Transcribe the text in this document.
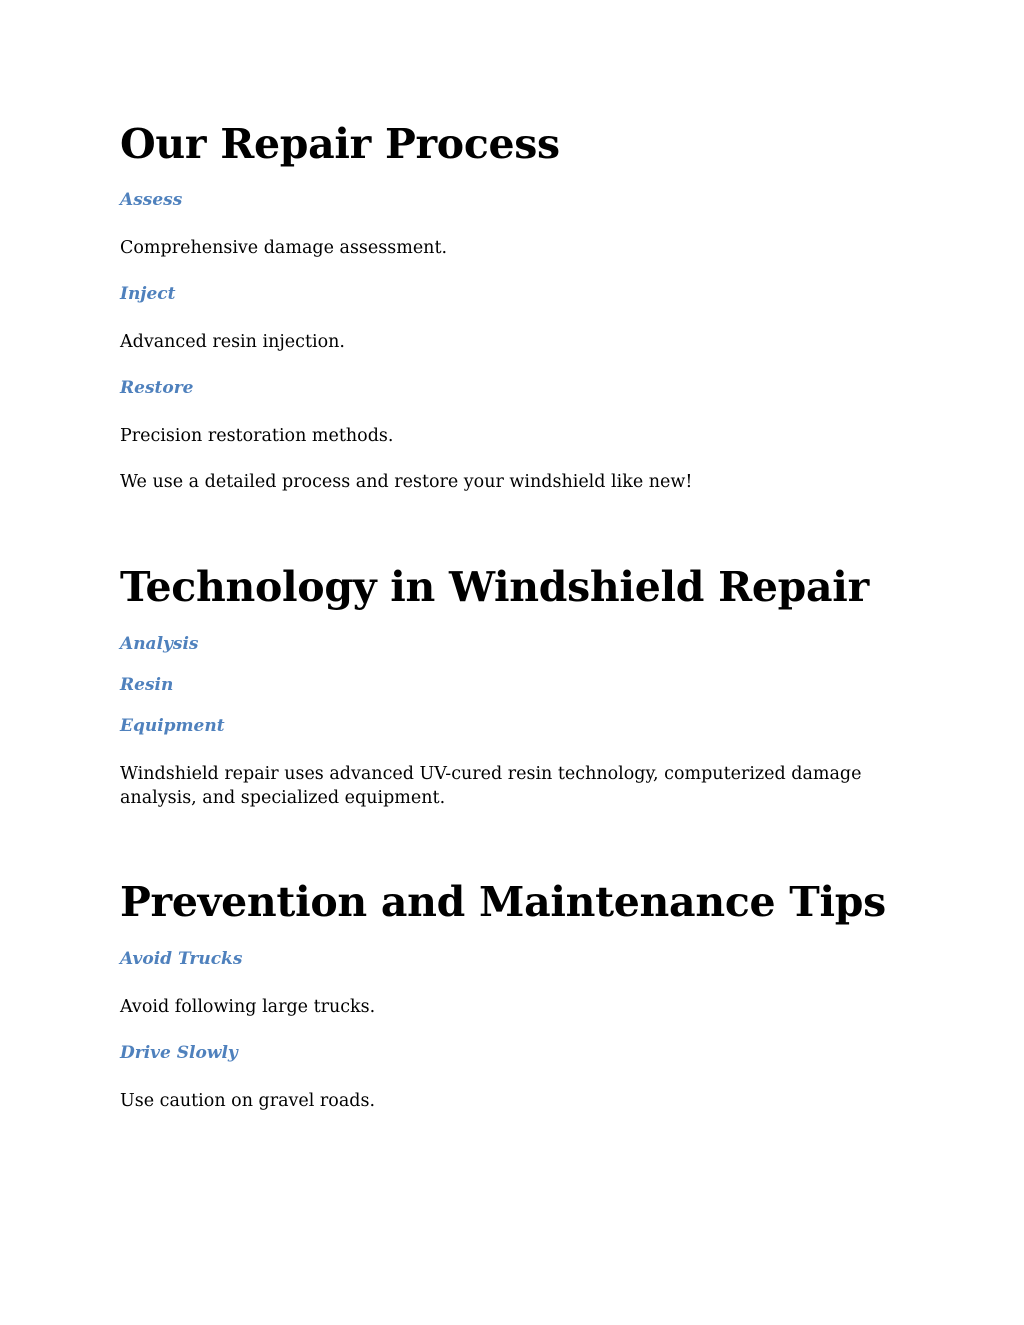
Our Repair Process

Assess

Comprehensive damage assessment.

Inject

Advanced resin injection.

Restore

Precision restoration methods.

We use a detailed process and restore your windshield like new!

Technology in Windshield Repair

Analysis

Resin

Equipment

Windshield repair uses advanced UV-cured resin technology, computerized damage analysis, and specialized equipment.

Prevention and Maintenance Tips

Avoid Trucks

Avoid following large trucks.

Drive Slowly

Use caution on gravel roads.
